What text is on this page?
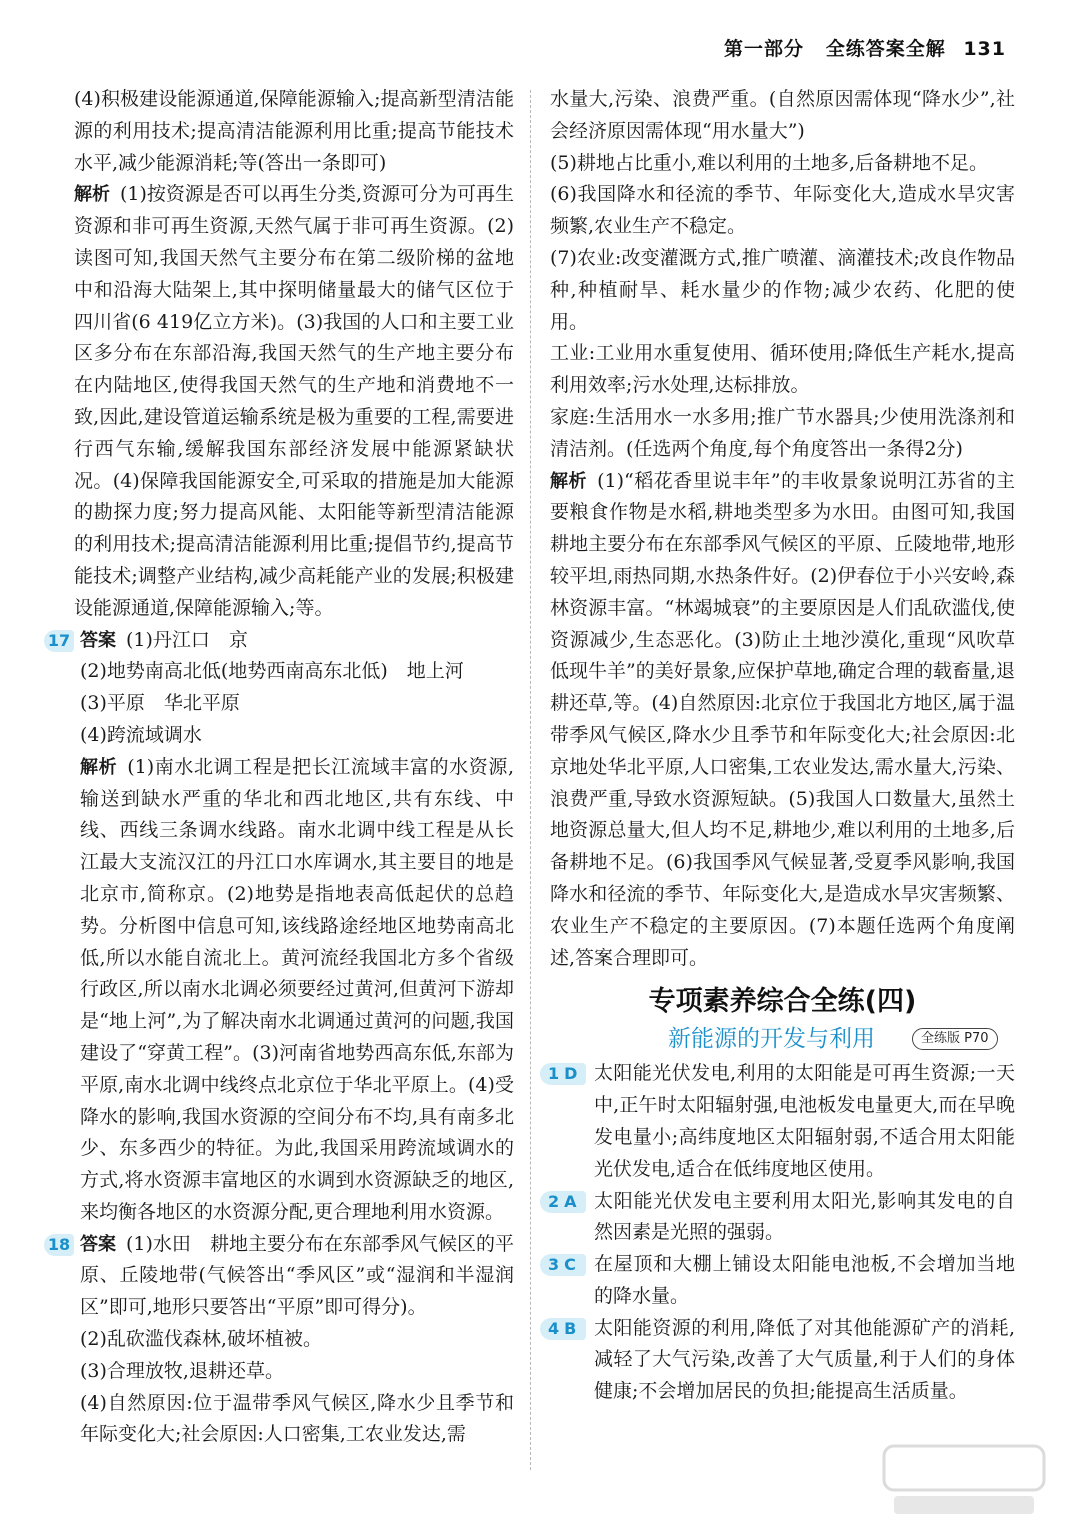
第一部分 全练答案全解 131
(4)积极建设能源通道,保障能源输入;提高新型清洁能源的利用技术;提高清洁能源利用比重;提高节能技术水平,减少能源消耗;等(答出一条即可)
解析 (1)按资源是否可以再生分类,资源可分为可再生资源和非可再生资源,天然气属于非可再生资源。(2)读图可知,我国天然气主要分布在第二级阶梯的盆地中和沿海大陆架上,其中探明储量最大的储气区位于四川省(6 419亿立方米)。(3)我国的人口和主要工业区多分布在东部沿海,我国天然气的生产地主要分布在内陆地区,使得我国天然气的生产地和消费地不一致,因此,建设管道运输系统是极为重要的工程,需要进行西气东输,缓解我国东部经济发展中能源紧缺状况。(4)保障我国能源安全,可采取的措施是加大能源的勘探力度;努力提高风能、太阳能等新型清洁能源的利用技术;提高清洁能源利用比重;提倡节约,提高节能技术;调整产业结构,减少高耗能产业的发展;积极建设能源通道,保障能源输入;等。
17 答案 (1)丹江口　京
(2)地势南高北低(地势西南高东北低)　地上河
(3)平原　华北平原
(4)跨流域调水
解析 (1)南水北调工程是把长江流域丰富的水资源,输送到缺水严重的华北和西北地区,共有东线、中线、西线三条调水线路。南水北调中线工程是从长江最大支流汉江的丹江口水库调水,其主要目的地是北京市,简称京。(2)地势是指地表高低起伏的总趋势。分析图中信息可知,该线路途经地区地势南高北低,所以水能自流北上。黄河流经我国北方多个省级行政区,所以南水北调必须要经过黄河,但黄河下游却是“地上河”,为了解决南水北调通过黄河的问题,我国建设了“穿黄工程”。(3)河南省地势西高东低,东部为平原,南水北调中线终点北京位于华北平原上。(4)受降水的影响,我国水资源的空间分布不均,具有南多北少、东多西少的特征。为此,我国采用跨流域调水的方式,将水资源丰富地区的水调到水资源缺乏的地区,来均衡各地区的水资源分配,更合理地利用水资源。
18 答案 (1)水田　耕地主要分布在东部季风气候区的平原、丘陵地带(气候答出“季风区”或“湿润和半湿润区”即可,地形只要答出“平原”即可得分)。
(2)乱砍滥伐森林,破坏植被。
(3)合理放牧,退耕还草。
(4)自然原因:位于温带季风气候区,降水少且季节和年际变化大;社会原因:人口密集,工农业发达,需
水量大,污染、浪费严重。(自然原因需体现“降水少”,社会经济原因需体现“用水量大”)
(5)耕地占比重小,难以利用的土地多,后备耕地不足。
(6)我国降水和径流的季节、年际变化大,造成水旱灾害频繁,农业生产不稳定。
(7)农业:改变灌溉方式,推广喷灌、滴灌技术;改良作物品种,种植耐旱、耗水量少的作物;减少农药、化肥的使用。
工业:工业用水重复使用、循环使用;降低生产耗水,提高利用效率;污水处理,达标排放。
家庭:生活用水一水多用;推广节水器具;少使用洗涤剂和清洁剂。(任选两个角度,每个角度答出一条得2分)
解析 (1)“稻花香里说丰年”的丰收景象说明江苏省的主要粮食作物是水稻,耕地类型多为水田。由图可知,我国耕地主要分布在东部季风气候区的平原、丘陵地带,地形较平坦,雨热同期,水热条件好。(2)伊春位于小兴安岭,森林资源丰富。“林竭城衰”的主要原因是人们乱砍滥伐,使资源减少,生态恶化。(3)防止土地沙漠化,重现“风吹草低现牛羊”的美好景象,应保护草地,确定合理的载畜量,退耕还草,等。(4)自然原因:北京位于我国北方地区,属于温带季风气候区,降水少且季节和年际变化大;社会原因:北京地处华北平原,人口密集,工农业发达,需水量大,污染、浪费严重,导致水资源短缺。(5)我国人口数量大,虽然土地资源总量大,但人均不足,耕地少,难以利用的土地多,后备耕地不足。(6)我国季风气候显著,受夏季风影响,我国降水和径流的季节、年际变化大,是造成水旱灾害频繁、农业生产不稳定的主要原因。(7)本题任选两个角度阐述,答案合理即可。
专项素养综合全练(四)
新能源的开发与利用	全练版 P70
1 D 太阳能光伏发电,利用的太阳能是可再生资源;一天中,正午时太阳辐射强,电池板发电量更大,而在早晚发电量小;高纬度地区太阳辐射弱,不适合用太阳能光伏发电,适合在低纬度地区使用。
2 A 太阳能光伏发电主要利用太阳光,影响其发电的自然因素是光照的强弱。
3 C 在屋顶和大棚上铺设太阳能电池板,不会增加当地的降水量。
4 B 太阳能资源的利用,降低了对其他能源矿产的消耗,减轻了大气污染,改善了大气质量,利于人们的身体健康;不会增加居民的负担;能提高生活质量。
